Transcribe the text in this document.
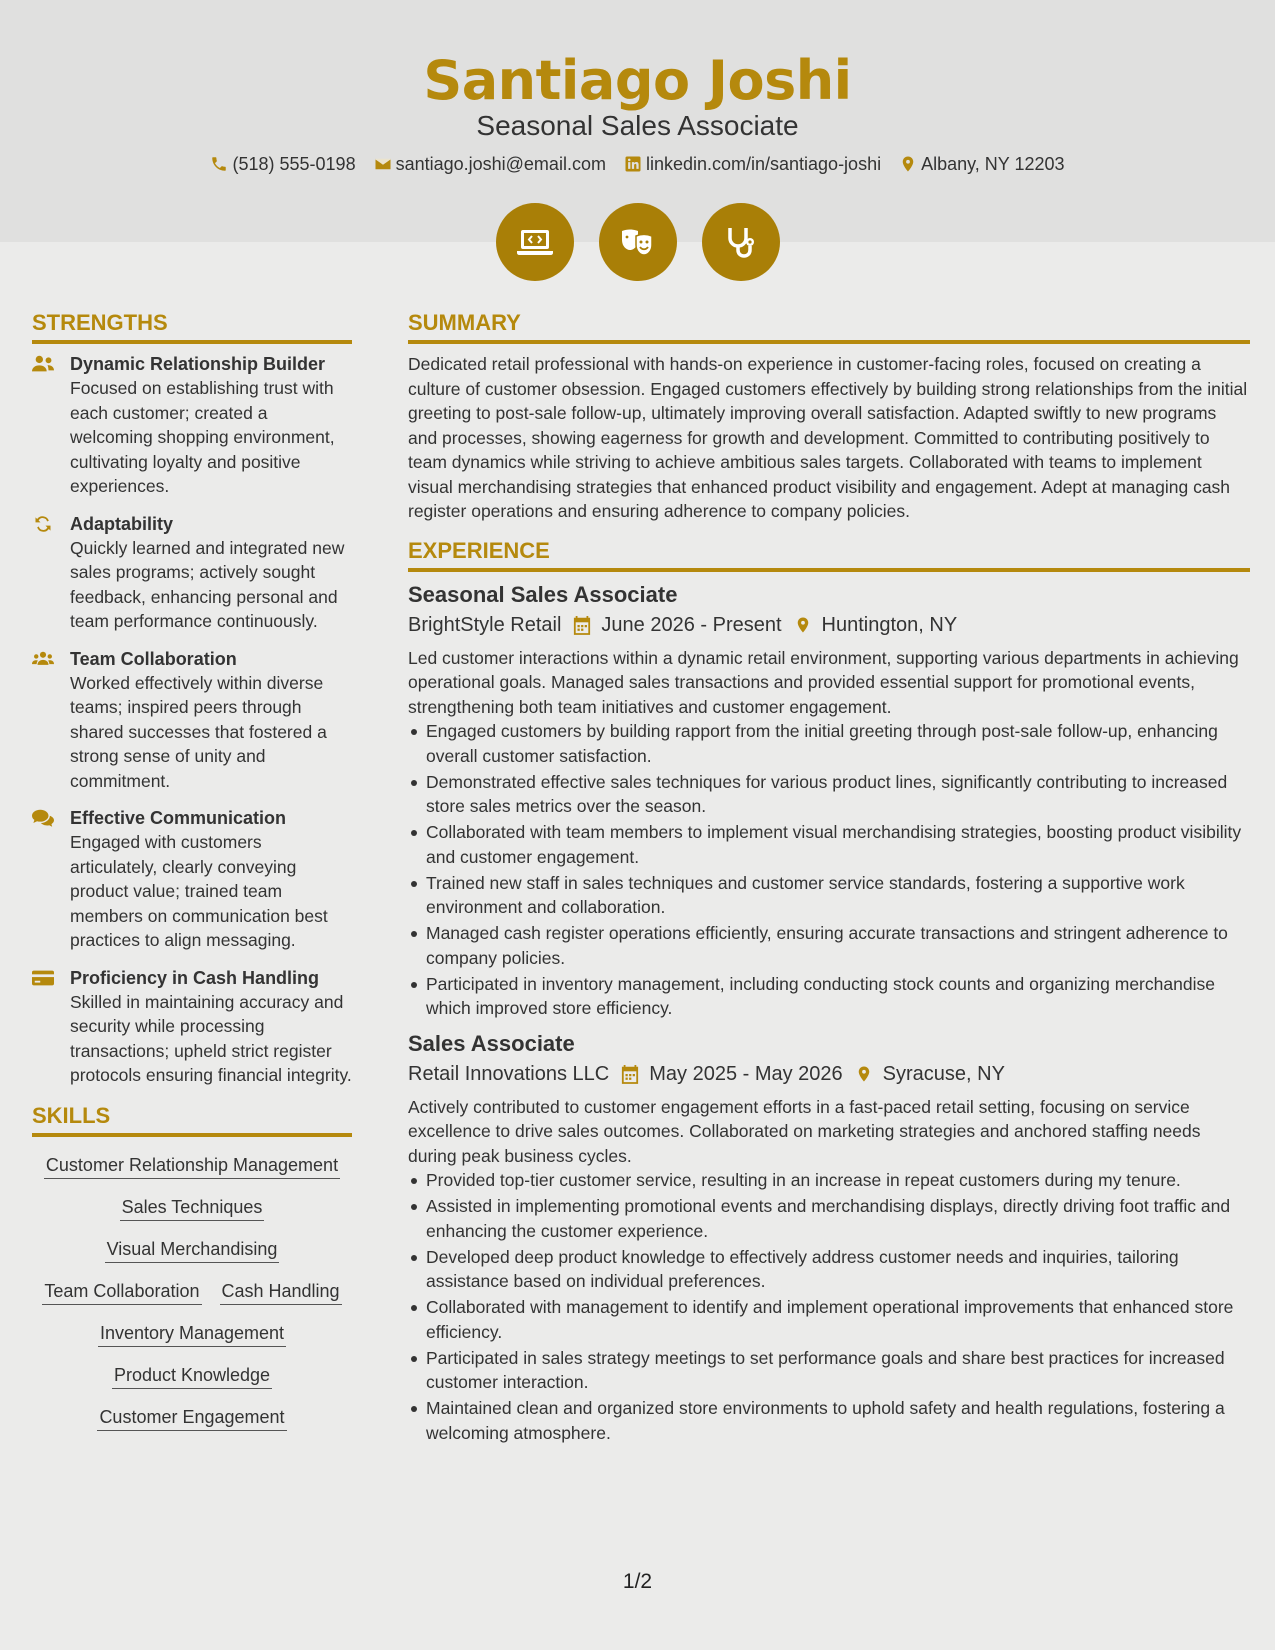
Santiago Joshi
Seasonal Sales Associate
(518) 555-0198 santiago.joshi@email.com linkedin.com/in/santiago-joshi Albany, NY 12203
STRENGTHS
Dynamic Relationship Builder

Focused on establishing trust with each customer; created a welcoming shopping environment, cultivating loyalty and positive experiences.

Adaptability

Quickly learned and integrated new sales programs; actively sought feedback, enhancing personal and team performance continuously.

Team Collaboration

Worked effectively within diverse teams; inspired peers through shared successes that fostered a strong sense of unity and commitment.

Effective Communication

Engaged with customers articulately, clearly conveying product value; trained team members on communication best practices to align messaging.

Proficiency in Cash Handling

Skilled in maintaining accuracy and security while processing transactions; upheld strict register protocols ensuring financial integrity.

SKILLS
Customer Relationship Management
Sales Techniques
Visual Merchandising
Team Collaboration Cash Handling
Inventory Management
Product Knowledge
Customer Engagement
SUMMARY

Dedicated retail professional with hands-on experience in customer-facing roles, focused on creating a culture of customer obsession. Engaged customers effectively by building strong relationships from the initial greeting to post-sale follow-up, ultimately improving overall satisfaction. Adapted swiftly to new programs and processes, showing eagerness for growth and development. Committed to contributing positively to team dynamics while striving to achieve ambitious sales targets. Collaborated with teams to implement visual merchandising strategies that enhanced product visibility and engagement. Adept at managing cash register operations and ensuring adherence to company policies.

EXPERIENCE
Seasonal Sales Associate
BrightStyle Retail June 2026 - Present Huntington, NY

Led customer interactions within a dynamic retail environment, supporting various departments in achieving operational goals. Managed sales transactions and provided essential support for promotional events, strengthening both team initiatives and customer engagement.

Engaged customers by building rapport from the initial greeting through post-sale follow-up, enhancing overall customer satisfaction.
Demonstrated effective sales techniques for various product lines, significantly contributing to increased store sales metrics over the season.
Collaborated with team members to implement visual merchandising strategies, boosting product visibility and customer engagement.
Trained new staff in sales techniques and customer service standards, fostering a supportive work environment and collaboration.
Managed cash register operations efficiently, ensuring accurate transactions and stringent adherence to company policies.
Participated in inventory management, including conducting stock counts and organizing merchandise which improved store efficiency.
Sales Associate
Retail Innovations LLC May 2025 - May 2026 Syracuse, NY

Actively contributed to customer engagement efforts in a fast-paced retail setting, focusing on service excellence to drive sales outcomes. Collaborated on marketing strategies and anchored staffing needs during peak business cycles.

Provided top-tier customer service, resulting in an increase in repeat customers during my tenure.
Assisted in implementing promotional events and merchandising displays, directly driving foot traffic and enhancing the customer experience.
Developed deep product knowledge to effectively address customer needs and inquiries, tailoring assistance based on individual preferences.
Collaborated with management to identify and implement operational improvements that enhanced store efficiency.
Participated in sales strategy meetings to set performance goals and share best practices for increased customer interaction.
Maintained clean and organized store environments to uphold safety and health regulations, fostering a welcoming atmosphere.
1/2
